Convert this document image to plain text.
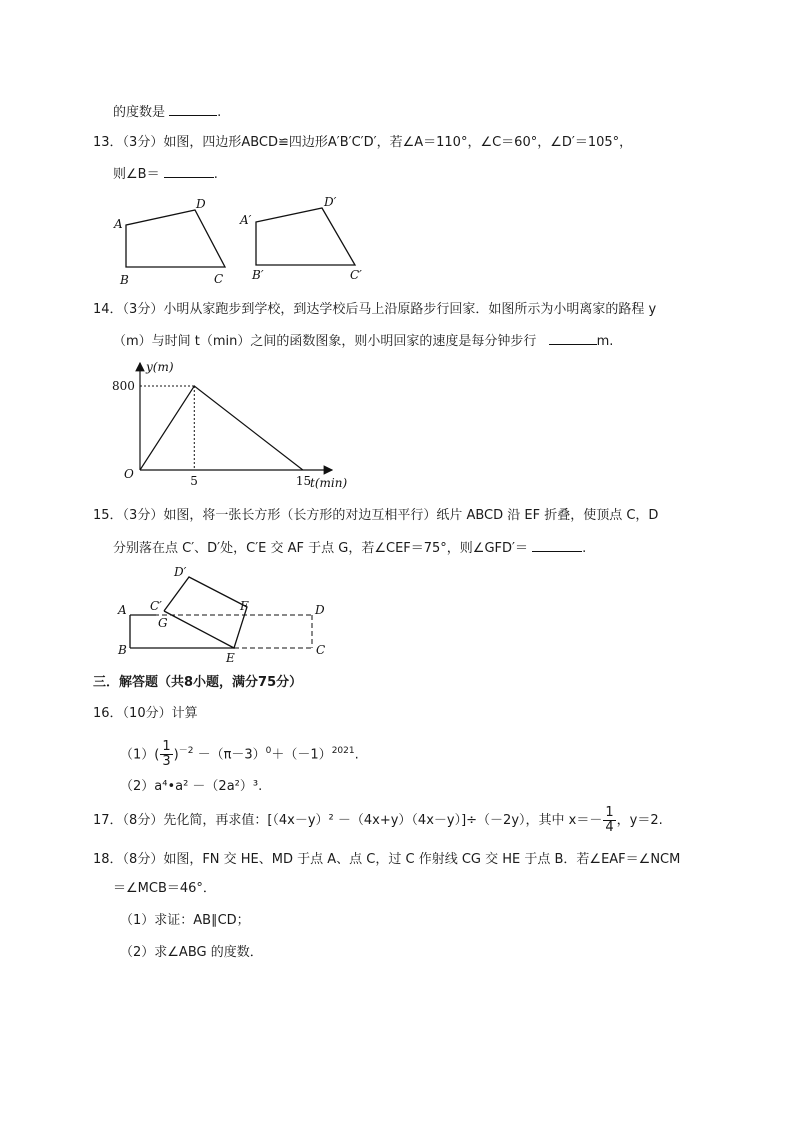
的度数是	.
13．（3分）如图，四边形ABCD≌四边形A′B′C′D′，若∠A＝110°，∠C＝60°，∠D′＝105°，
则∠B＝	.
A
D
B	C
A′
D′
B′	C′
14．（3分）小明从家跑步到学校，到达学校后马上沿原路步行回家．如图所示为小明离家的路程 y
（m）与时间 t（min）之间的函数图象，则小明回家的速度是每分钟步行	m.
y(m)
t(min)
O
800
5	15
15．（3分）如图，将一张长方形（长方形的对边互相平行）纸片 ABCD 沿 EF 折叠，使顶点 C，D
分别落在点 C′、D′处，C′E 交 AF 于点 G，若∠CEF＝75°，则∠GFD′＝	.
D′
A C′	F	D
G
B
E
C
三．解答题（共8小题，满分75分）
16．（10分）计算
$(1)( \frac{1}{3} )^{-2} -(\pi-3)^0+(-1)^{2021}$.
（2）a⁴•a² －（2a²）³.
17．（8分）先化简，再求值：[（4x－y）² －（4x+y）（4x－y）]÷（－2y），其中 $x=- \frac{1}{4}$ ，y＝2.
18．（8分）如图，FN 交 HE、MD 于点 A、点 C，过 C 作射线 CG 交 HE 于点 B．若∠EAF＝∠NCM
＝∠MCB＝46°．
（1）求证：AB∥CD；
（2）求∠ABG 的度数．
